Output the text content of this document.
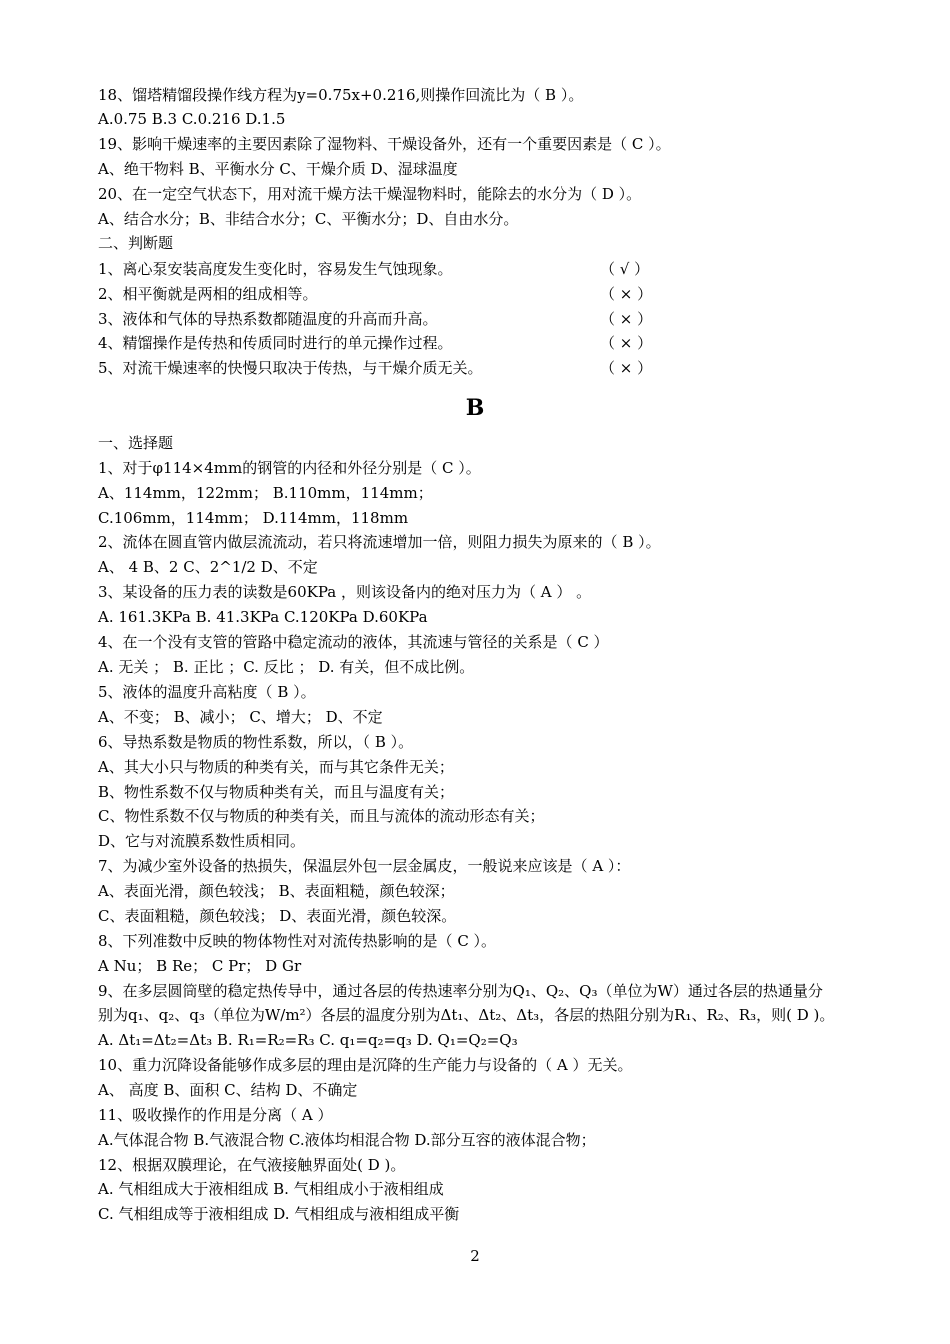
18、馏塔精馏段操作线方程为y=0.75x+0.216,则操作回流比为（ B ）。
A.0.75 B.3 C.0.216 D.1.5
19、影响干燥速率的主要因素除了湿物料、干燥设备外，还有一个重要因素是（ C ）。
A、绝干物料 B、平衡水分 C、干燥介质 D、湿球温度
20、在一定空气状态下，用对流干燥方法干燥湿物料时，能除去的水分为（ D ）。
A、结合水分；B、非结合水分；C、平衡水分；D、自由水分。
二、判断题
1、离心泵安装高度发生变化时，容易发生气蚀现象。	（ √ ）
2、相平衡就是两相的组成相等。	（ × ）
3、液体和气体的导热系数都随温度的升高而升高。	（ × ）
4、精馏操作是传热和传质同时进行的单元操作过程。	（ × ）
5、对流干燥速率的快慢只取决于传热，与干燥介质无关。	（ × ）
B
一、选择题
1、对于φ114×4mm的钢管的内径和外径分别是（ C ）。
A、114mm，122mm； B.110mm，114mm；
C.106mm，114mm； D.114mm，118mm
2、流体在圆直管内做层流流动，若只将流速增加一倍，则阻力损失为原来的（ B ）。
A、 4 B、2 C、2^1/2 D、不定
3、某设备的压力表的读数是60KPa ，则该设备内的绝对压力为（ A ） 。
A. 161.3KPa B. 41.3KPa C.120KPa D.60KPa
4、在一个没有支管的管路中稳定流动的液体，其流速与管径的关系是（ C ）
A. 无关 ； B. 正比 ；C. 反比 ； D. 有关，但不成比例。
5、液体的温度升高粘度（ B ）。
A、不变； B、减小； C、增大； D、不定
6、导热系数是物质的物性系数，所以，（ B ）。
A、其大小只与物质的种类有关，而与其它条件无关；
B、物性系数不仅与物质种类有关，而且与温度有关；
C、物性系数不仅与物质的种类有关，而且与流体的流动形态有关；
D、它与对流膜系数性质相同。
7、为减少室外设备的热损失，保温层外包一层金属皮，一般说来应该是（ A ）：
A、表面光滑，颜色较浅； B、表面粗糙，颜色较深；
C、表面粗糙，颜色较浅； D、表面光滑，颜色较深。
8、下列准数中反映的物体物性对对流传热影响的是（ C ）。
A Nu； B Re； C Pr； D Gr
9、在多层圆筒壁的稳定热传导中，通过各层的传热速率分别为Q₁、Q₂、Q₃（单位为W）通过各层的热通量分
别为q₁、q₂、q₃（单位为W/m²）各层的温度分别为Δt₁、Δt₂、Δt₃，各层的热阻分别为R₁、R₂、R₃，则( D )。
A. Δt₁=Δt₂=Δt₃ B. R₁=R₂=R₃ C. q₁=q₂=q₃ D. Q₁=Q₂=Q₃
10、重力沉降设备能够作成多层的理由是沉降的生产能力与设备的（ A ）无关。
A、 高度 B、面积 C、结构 D、不确定
11、吸收操作的作用是分离（ A ）
A.气体混合物 B.气液混合物 C.液体均相混合物 D.部分互容的液体混合物；
12、根据双膜理论，在气液接触界面处( D )。
A. 气相组成大于液相组成 B. 气相组成小于液相组成
C. 气相组成等于液相组成 D. 气相组成与液相组成平衡
2
